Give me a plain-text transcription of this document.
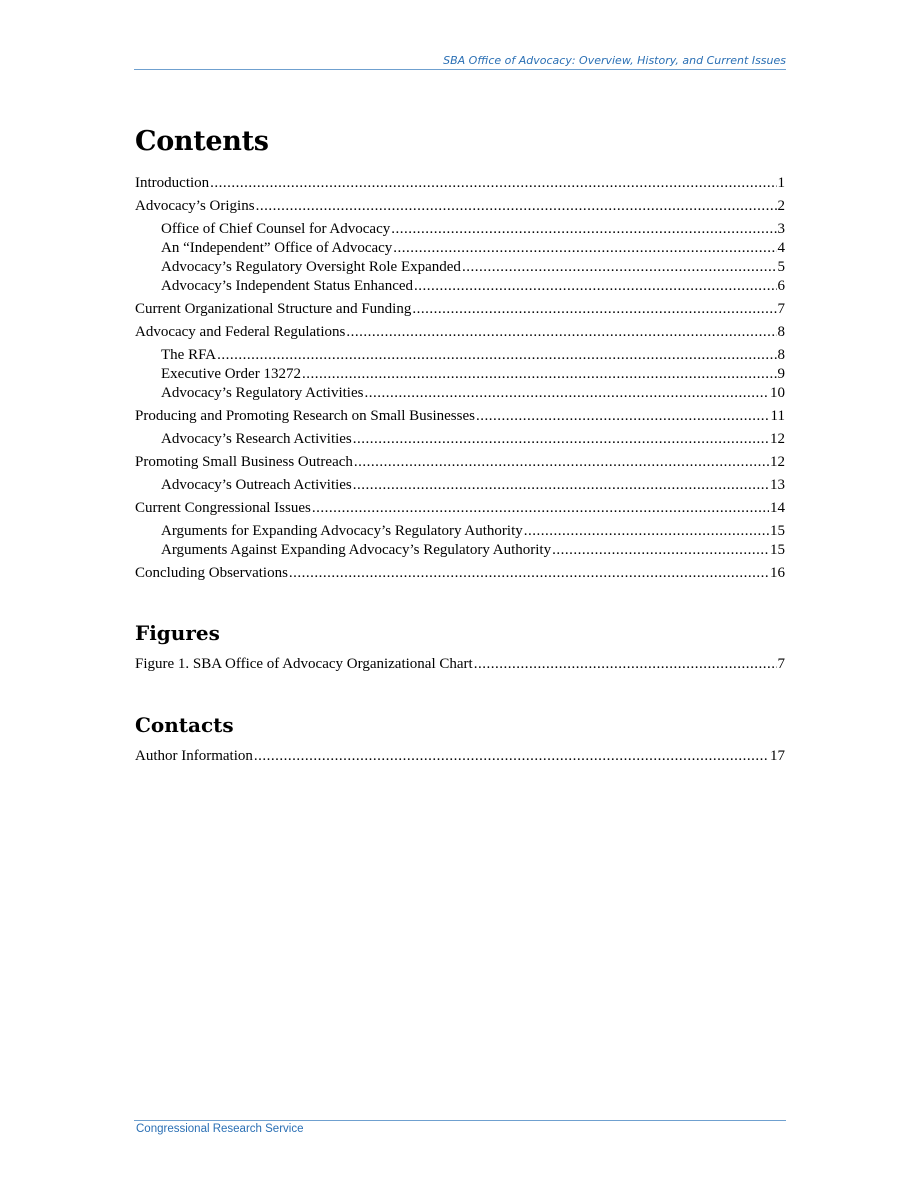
SBA Office of Advocacy: Overview, History, and Current Issues
Contents
Introduction .....	1
Advocacy’s Origins .....	2
Office of Chief Counsel for Advocacy .....	3
An “Independent” Office of Advocacy .....	4
Advocacy’s Regulatory Oversight Role Expanded .....	5
Advocacy’s Independent Status Enhanced .....	6
Current Organizational Structure and Funding .....	7
Advocacy and Federal Regulations .....	8
The RFA .....	8
Executive Order 13272 .....	9
Advocacy’s Regulatory Activities .....	10
Producing and Promoting Research on Small Businesses .....	11
Advocacy’s Research Activities .....	12
Promoting Small Business Outreach .....	12
Advocacy’s Outreach Activities .....	13
Current Congressional Issues .....	14
Arguments for Expanding Advocacy’s Regulatory Authority .....	15
Arguments Against Expanding Advocacy’s Regulatory Authority .....	15
Concluding Observations .....	16
Figures
Figure 1. SBA Office of Advocacy Organizational Chart .....	7
Contacts
Author Information .....	17
Congressional Research Service
